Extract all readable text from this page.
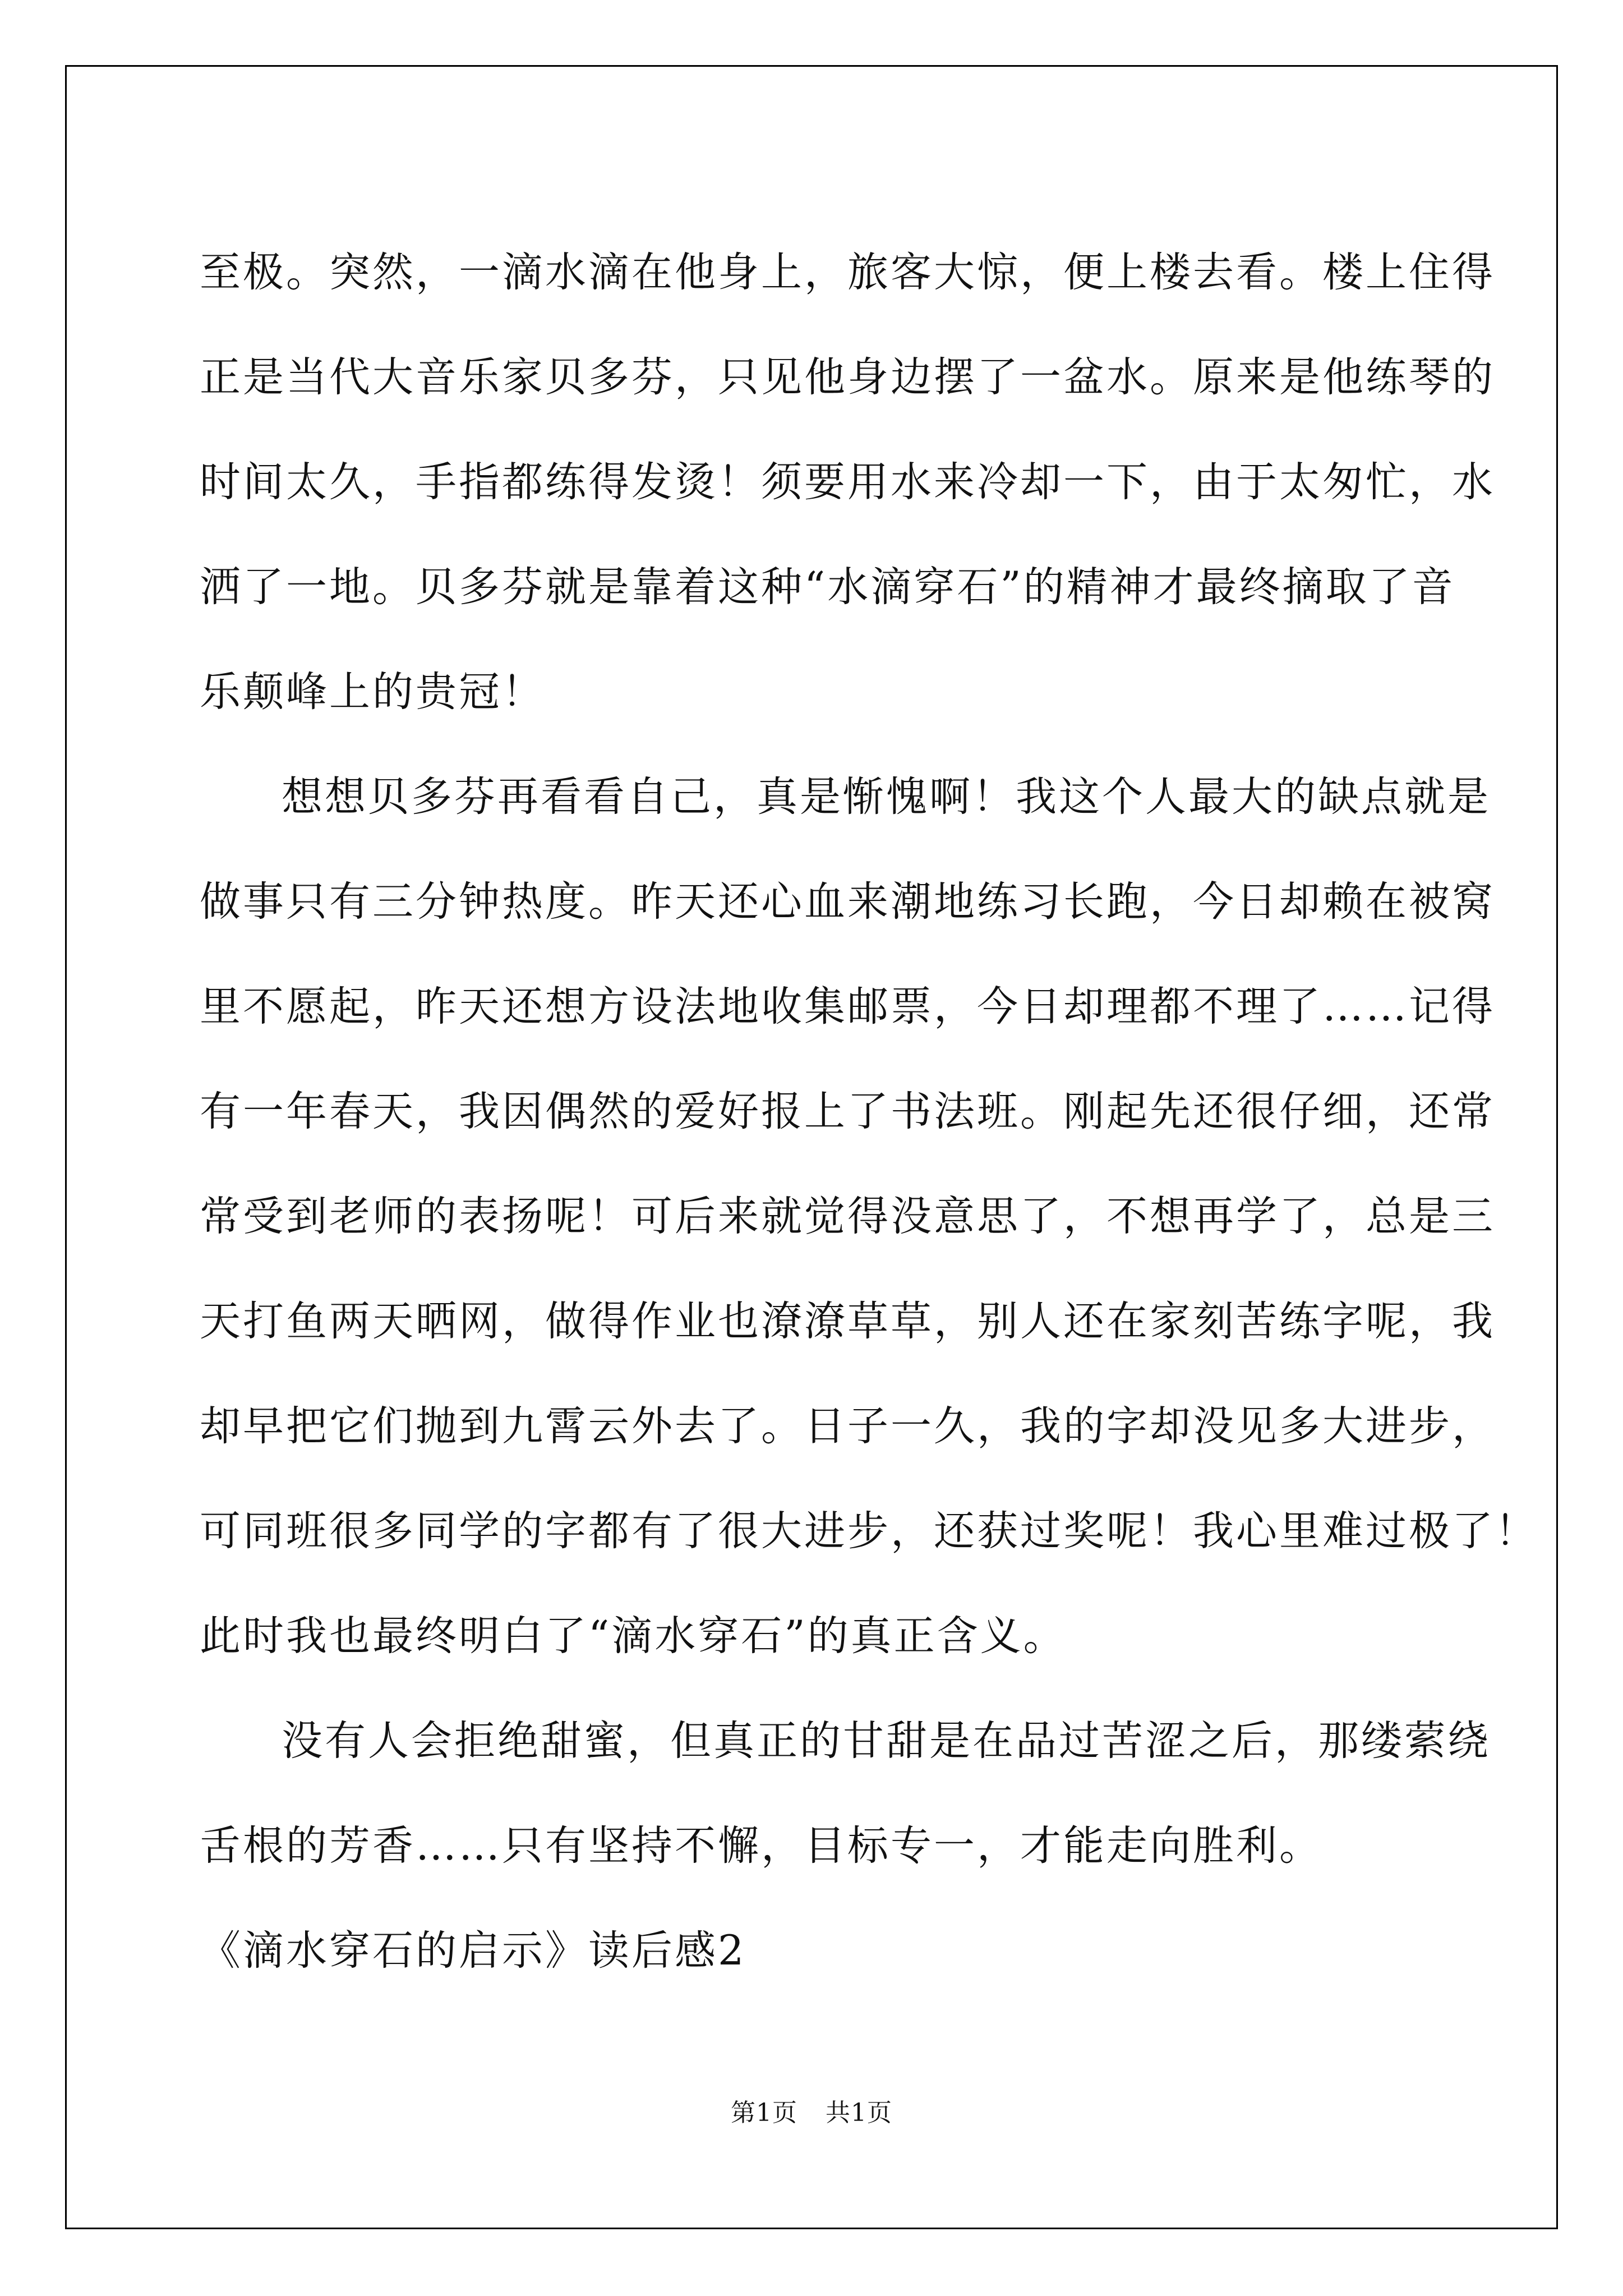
至极。突然，一滴水滴在他身上，旅客大惊，便上楼去看。楼上住得
正是当代大音乐家贝多芬，只见他身边摆了一盆水。原来是他练琴的
时间太久，手指都练得发烫！须要用水来冷却一下，由于太匆忙，水
洒了一地。贝多芬就是靠着这种“水滴穿石”的精神才最终摘取了音
乐颠峰上的贵冠！
想想贝多芬再看看自己，真是惭愧啊！我这个人最大的缺点就是
做事只有三分钟热度。昨天还心血来潮地练习长跑，今日却赖在被窝
里不愿起，昨天还想方设法地收集邮票，今日却理都不理了……记得
有一年春天，我因偶然的爱好报上了书法班。刚起先还很仔细，还常
常受到老师的表扬呢！可后来就觉得没意思了，不想再学了，总是三
天打鱼两天晒网，做得作业也潦潦草草，别人还在家刻苦练字呢，我
却早把它们抛到九霄云外去了。日子一久，我的字却没见多大进步，
可同班很多同学的字都有了很大进步，还获过奖呢！我心里难过极了！
此时我也最终明白了“滴水穿石”的真正含义。
没有人会拒绝甜蜜，但真正的甘甜是在品过苦涩之后，那缕萦绕
舌根的芳香……只有坚持不懈，目标专一，才能走向胜利。
《滴水穿石的启示》读后感2
第1页 共1页
